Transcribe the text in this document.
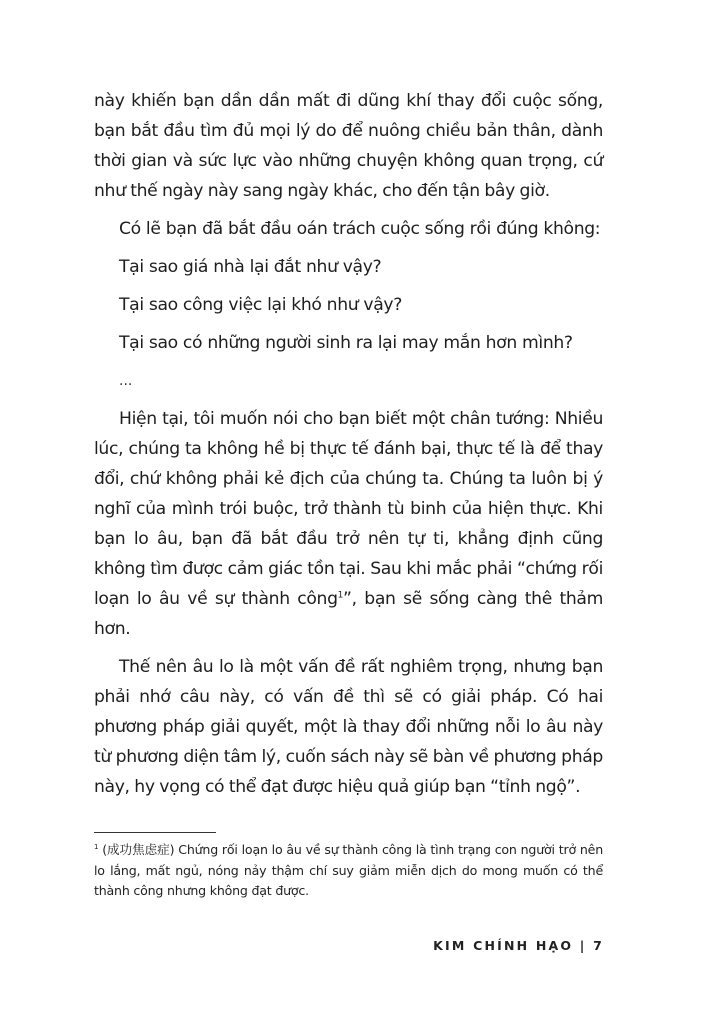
này khiến bạn dần dần mất đi dũng khí thay đổi cuộc sống, bạn bắt đầu tìm đủ mọi lý do để nuông chiều bản thân, dành thời gian và sức lực vào những chuyện không quan trọng, cứ như thế ngày này sang ngày khác, cho đến tận bây giờ.

Có lẽ bạn đã bắt đầu oán trách cuộc sống rồi đúng không:

Tại sao giá nhà lại đắt như vậy?

Tại sao công việc lại khó như vậy?

Tại sao có những người sinh ra lại may mắn hơn mình?

...

Hiện tại, tôi muốn nói cho bạn biết một chân tướng: Nhiều lúc, chúng ta không hề bị thực tế đánh bại, thực tế là để thay đổi, chứ không phải kẻ địch của chúng ta. Chúng ta luôn bị ý nghĩ của mình trói buộc, trở thành tù binh của hiện thực. Khi bạn lo âu, bạn đã bắt đầu trở nên tự ti, khẳng định cũng không tìm được cảm giác tồn tại. Sau khi mắc phải “chứng rối loạn lo âu về sự thành công$^1$”, bạn sẽ sống càng thê thảm hơn.

Thế nên âu lo là một vấn đề rất nghiêm trọng, nhưng bạn phải nhớ câu này, có vấn đề thì sẽ có giải pháp. Có hai phương pháp giải quyết, một là thay đổi những nỗi lo âu này từ phương diện tâm lý, cuốn sách này sẽ bàn về phương pháp này, hy vọng có thể đạt được hiệu quả giúp bạn “tỉnh ngộ”.

$^1$ (成功焦虑症) Chứng rối loạn lo âu về sự thành công là tình trạng con người trở nên lo lắng, mất ngủ, nóng nảy thậm chí suy giảm miễn dịch do mong muốn có thể thành công nhưng không đạt được.
KIM CHÍNH HẠO | 7
